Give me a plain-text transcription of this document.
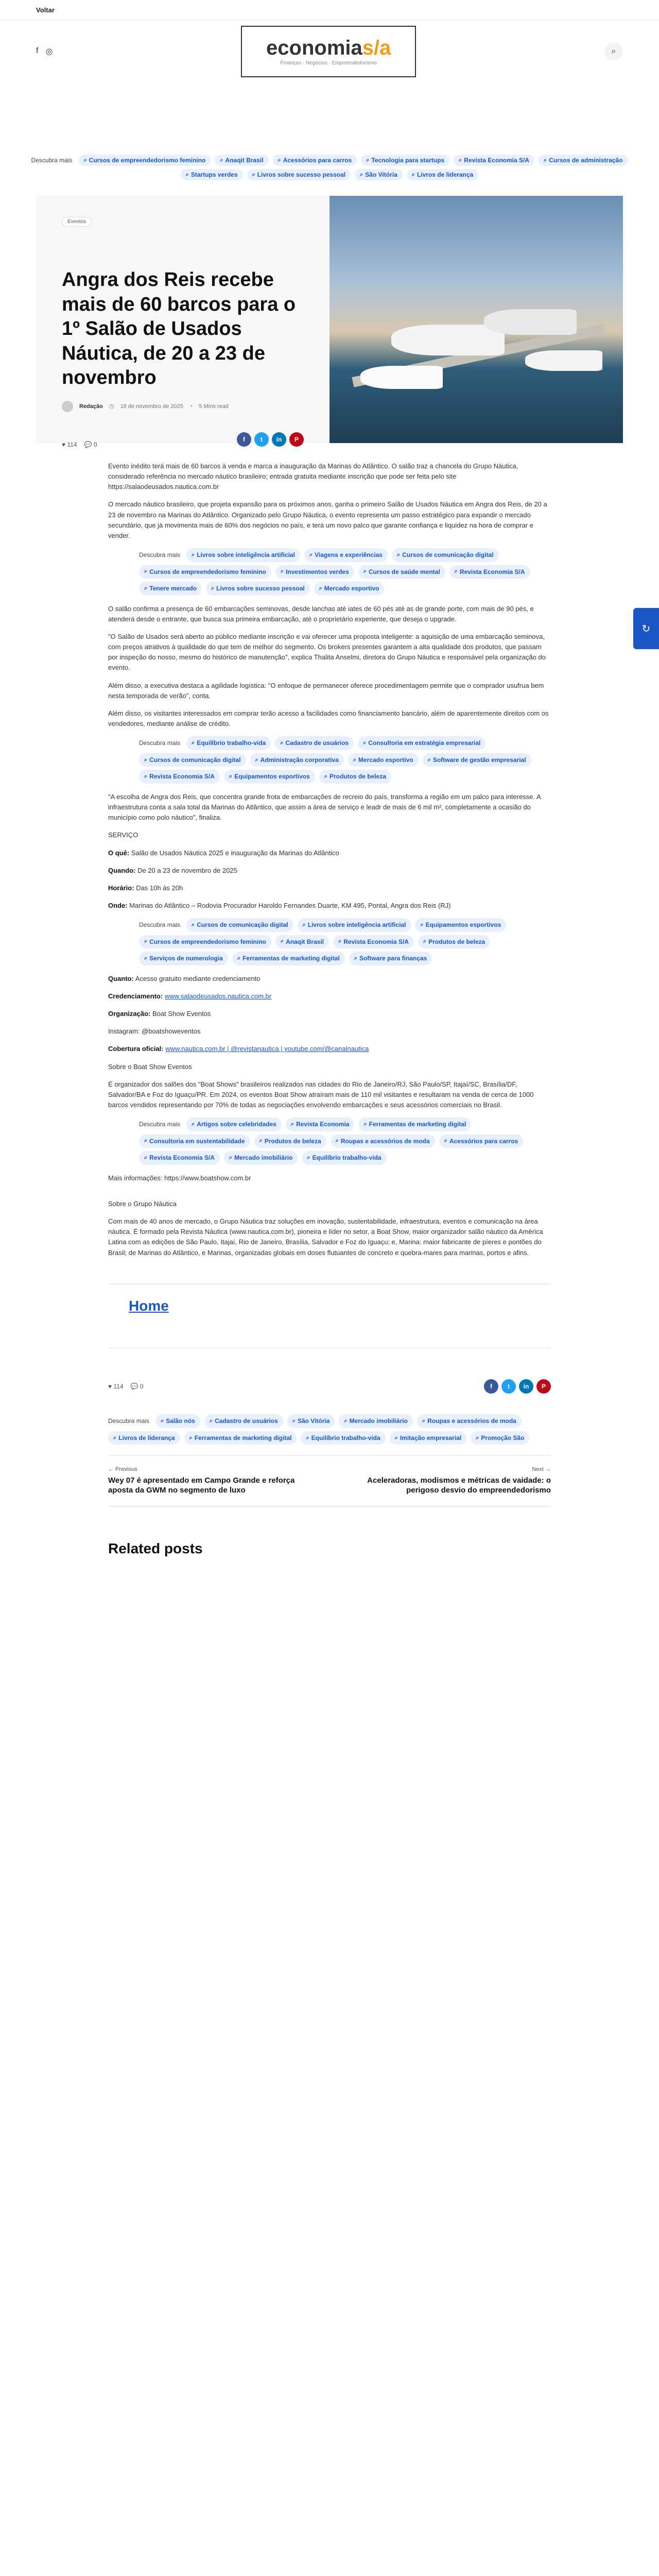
Voltar
f ◎	economias/a
Finanças · Negócios · Empreendedorismo
⌕
Descubra mais ⌕ Cursos de empreendedorismo feminino	⌕ Anaqit Brasil	⌕ Acessórios para carros	⌕ Tecnologia para startups	⌕ Revista Economia S/A	⌕ Cursos de administração
⌕ Startups verdes	⌕ Livros sobre sucesso pessoal	⌕ São Vitória	⌕ Livros de liderança
Eventos
Angra dos Reis recebe mais de 60 barcos para o 1º Salão de Usados Náutica, de 20 a 23 de novembro
Redação ◷ 18 de novembro de 2025 ◔ 5 Mins read
♥ 114 💬 0
f	t	in	P
↻

Evento inédito terá mais de 60 barcos à venda e marca a inauguração da Marinas do Atlântico. O salão traz a chancela do Grupo Náutica, considerado referência no mercado náutico brasileiro; entrada gratuita mediante inscrição que pode ser feita pelo site https://salaodeusados.nautica.com.br

O mercado náutico brasileiro, que projeta expansão para os próximos anos, ganha o primeiro Salão de Usados Náutica em Angra dos Reis, de 20 a 23 de novembro na Marinas do Atlântico. Organizado pelo Grupo Náutica, o evento representa um passo estratégico para expandir o mercado secundário, que já movimenta mais de 60% dos negócios no país, e terá um novo palco que garante confiança e liquidez na hora de comprar e vender.

Descubra mais ⌕ Livros sobre inteligência artificial	⌕ Viagens e experiências	⌕ Cursos de comunicação digital
⌕ Cursos de empreendedorismo feminino	⌕ Investimentos verdes	⌕ Cursos de saúde mental	⌕ Revista Economia S/A
⌕ Tenere mercado	⌕ Livros sobre sucesso pessoal	⌕ Mercado esportivo

O salão confirma a presença de 60 embarcações seminovas, desde lanchas até iates de 60 pés até as de grande porte, com mais de 90 pés, e atenderá desde o entrante, que busca sua primeira embarcação, até o proprietário experiente, que deseja o upgrade.

"O Salão de Usados será aberto ao público mediante inscrição e vai oferecer uma proposta inteligente: a aquisição de uma embarcação seminova, com preços atrativos à qualidade do que tem de melhor do segmento. Os brokers presentes garantem a alta qualidade dos produtos, que passam por inspeção do nosso, mesmo do histórico de manutenção", explica Thalita Anselmi, diretora do Grupo Náutica e responsável pela organização do evento.

Além disso, a executiva destaca a agilidade logística: "O enfoque de permanecer oferece procedimentagem permite que o comprador usufrua bem nesta temporada de verão", conta.

Além disso, os visitantes interessados em comprar terão acesso a facilidades como financiamento bancário, além de aparentemente direitos com os vendedores, mediante análise de crédito.

Descubra mais ⌕ Equilíbrio trabalho-vida	⌕ Cadastro de usuários	⌕ Consultoria em estratégia empresarial
⌕ Cursos de comunicação digital	⌕ Administração corporativa	⌕ Mercado esportivo	⌕ Software de gestão empresarial
⌕ Revista Economia S/A	⌕ Equipamentos esportivos	⌕ Produtos de beleza

"A escolha de Angra dos Reis, que concentra grande frota de embarcações de recreio do país, transforma a região em um palco para interesse. A infraestrutura conta a sala total da Marinas do Atlântico, que assim a área de serviço e leadr de mais de 6 mil m², completamente a ocasião do município como polo náutico", finaliza.

SERVIÇO

O quê: Salão de Usados Náutica 2025 e inauguração da Marinas do Atlântico

Quando: De 20 a 23 de novembro de 2025

Horário: Das 10h às 20h

Onde: Marinas do Atlântico – Rodovia Procurador Haroldo Fernandes Duarte, KM 495, Pontal, Angra dos Reis (RJ)

Descubra mais ⌕ Cursos de comunicação digital	⌕ Livros sobre inteligência artificial	⌕ Equipamentos esportivos
⌕ Cursos de empreendedorismo feminino	⌕ Anaqit Brasil	⌕ Revista Economia S/A	⌕ Produtos de beleza
⌕ Serviços de numerologia	⌕ Ferramentas de marketing digital	⌕ Software para finanças

Quanto: Acesso gratuito mediante credenciamento

Credenciamento: www.salaodeusados.nautica.com.br

Organização: Boat Show Eventos

Instagram: @boatshoweventos

Cobertura oficial: www.nautica.com.br | @revistanautica | youtube.com/@canalnautica

Sobre o Boat Show Eventos

É organizador dos salões dos "Boat Shows" brasileiros realizados nas cidades do Rio de Janeiro/RJ, São Paulo/SP, Itajaí/SC, Brasília/DF, Salvador/BA e Foz do Iguaçu/PR. Em 2024, os eventos Boat Show atraíram mais de 110 mil visitantes e resultaram na venda de cerca de 1000 barcos vendidos representando por 70% de todas as negociações envolvendo embarcações e seus acessórios comerciais no Brasil.

Descubra mais ⌕ Artigos sobre celebridades	⌕ Revista Economia	⌕ Ferramentas de marketing digital
⌕ Consultoria em sustentabilidade	⌕ Produtos de beleza	⌕ Roupas e acessórios de moda	⌕ Acessórios para carros
⌕ Revista Economia S/A	⌕ Mercado imobiliário	⌕ Equilíbrio trabalho-vida

Mais informações: https://www.boatshow.com.br

Sobre o Grupo Náutica

Com mais de 40 anos de mercado, o Grupo Náutica traz soluções em inovação, sustentabilidade, infraestrutura, eventos e comunicação na área náutica. É formado pela Revista Náutica (www.nautica.com.br), pioneira e líder no setor, a Boat Show, maior organizador salão náutico da América Latina com as edições de São Paulo, Itajaí, Rio de Janeiro, Brasília, Salvador e Foz do Iguaçu; e, Marina: maior fabricante de píeres e pontões do Brasil; de Marinas do Atlântico, e Marinas, organizadas globais em doses flutuantes de concreto e quebra-mares para marinas, portos e afins.

Home
♥ 114 💬 0	f	t	in	P
Descubra mais ⌕ Salão nós	⌕ Cadastro de usuários	⌕ São Vitória	⌕ Mercado imobiliário	⌕ Roupas e acessórios de moda
⌕ Livros de liderança	⌕ Ferramentas de marketing digital	⌕ Equilíbrio trabalho-vida	⌕ Imitação empresarial	⌕ Promoção São
← Previous
Wey 07 é apresentado em Campo Grande e reforça aposta da GWM no segmento de luxo
Next →
Aceleradoras, modismos e métricas de vaidade: o perigoso desvio do empreendedorismo
Related posts
